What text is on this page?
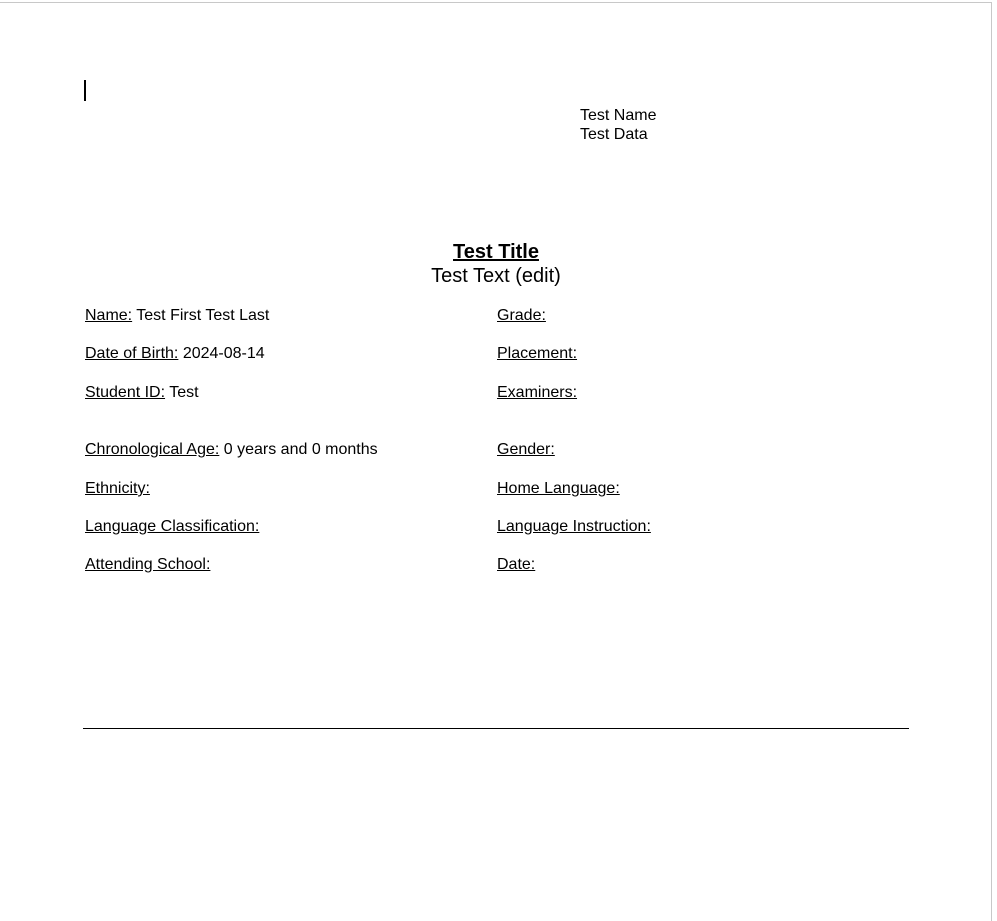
Test Name
Test Data
Test Title
Test Text (edit)
Name: Test First Test Last
Date of Birth: 2024-08-14
Student ID: Test
Chronological Age: 0 years and 0 months
Ethnicity:
Language Classification:
Attending School:
Grade:
Placement:
Examiners:
Gender:
Home Language:
Language Instruction:
Date:
